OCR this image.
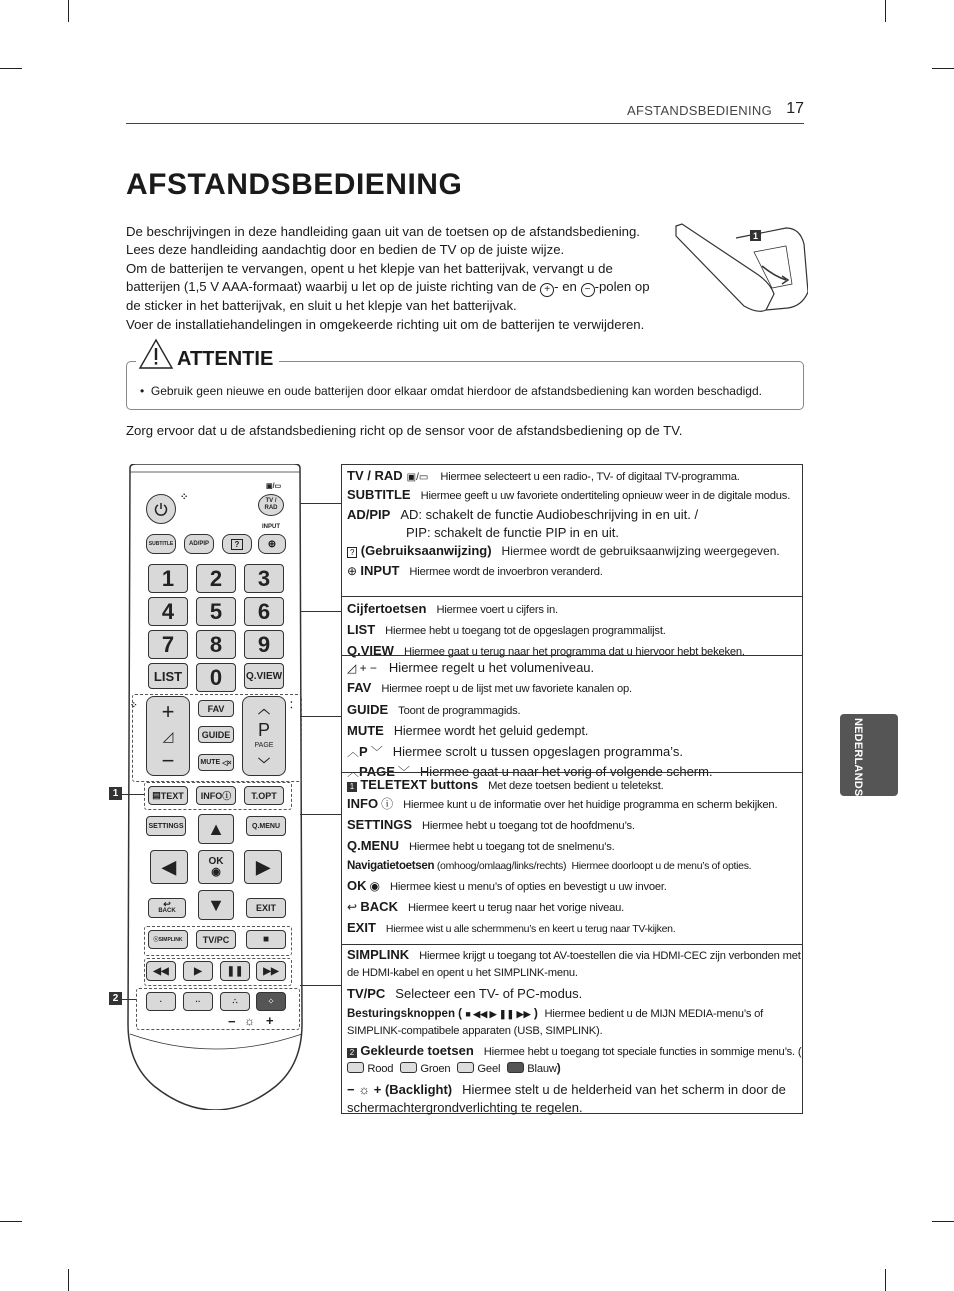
AFSTANDSBEDIENING 17
AFSTANDSBEDIENING

De beschrijvingen in deze handleiding gaan uit van de toetsen op de afstandsbediening.

Lees deze handleiding aandachtig door en bedien de TV op de juiste wijze.

Om de batterijen te vervangen, opent u het klepje van het batterijvak, vervangt u de

batterijen (1,5 V AAA-formaat) waarbij u let op de juiste richting van de + - en − -polen op

de sticker in het batterijvak, en sluit u het klepje van het batterijvak.

Voer de installatiehandelingen in omgekeerde richting uit om de batterijen te verwijderen.

1
ATTENTIE
• Gebruik geen nieuwe en oude batterijen door elkaar omdat hierdoor de afstandsbediening kan worden beschadigd.
Zorg ervoor dat u de afstandsbediening richt op de sensor voor de afstandsbediening op de TV.
NEDERLANDS
⁘	TV / RAD
▣/▭
INPUT
SUBTITLE	AD/PIP	?	⊕
1	2	3
4	5	6
7	8	9
LIST	0	Q.VIEW
⁘	⁚
+
◿
−
FAV
GUIDE
MUTE
◁×
︿
P
PAGE
﹀
▤ TEXT INFO ⓘ	T.OPT
SETTINGS	Q.MENU
▲
◀	OK
◉ ▶
▼
↩
BACK	EXIT
ⓢ SIMPLINK	TV/PC	■
◀◀	▶ ❚❚ ▶▶
·	··	∴	⁘
− ☼ +
1
2
TV / RAD ▣/▭ Hiermee selecteert u een radio-, TV- of digitaal TV-programma.
SUBTITLE Hiermee geeft u uw favoriete ondertiteling opnieuw weer in de digitale modus.
AD/PIP AD: schakelt de functie Audiobeschrijving in en uit. /
PIP: schakelt de functie PIP in en uit.
? (Gebruiksaanwijzing) Hiermee wordt de gebruiksaanwijzing weergegeven.
⊕ INPUT Hiermee wordt de invoerbron veranderd.
Cijfertoetsen Hiermee voert u cijfers in.
LIST Hiermee hebt u toegang tot de opgeslagen programmalijst.
Q.VIEW Hiermee gaat u terug naar het programma dat u hiervoor hebt bekeken.
◿ + − Hiermee regelt u het volumeniveau.
FAV Hiermee roept u de lijst met uw favoriete kanalen op.
GUIDE Toont de programmagids.
MUTE Hiermee wordt het geluid gedempt.
︿P ﹀ Hiermee scrolt u tussen opgeslagen programma’s.
︿PAGE ﹀ Hiermee gaat u naar het vorig of volgende scherm.
1 TELETEXT buttons Met deze toetsen bedient u teletekst.
INFO ⓘ Hiermee kunt u de informatie over het huidige programma en scherm bekijken.
SETTINGS Hiermee hebt u toegang tot de hoofdmenu’s.
Q.MENU Hiermee hebt u toegang tot de snelmenu’s.
Navigatietoetsen (omhoog/omlaag/links/rechts) Hiermee doorloopt u de menu’s of opties.
OK ◉ Hiermee kiest u menu’s of opties en bevestigt u uw invoer.
↩ BACK Hiermee keert u terug naar het vorige niveau.
EXIT Hiermee wist u alle schermmenu’s en keert u terug naar TV-kijken.
SIMPLINK Hiermee krijgt u toegang tot AV-toestellen die via HDMI-CEC zijn verbonden met de HDMI-kabel en opent u het SIMPLINK-menu.
TV/PC Selecteer een TV- of PC-modus.
Besturingsknoppen ( ■ ◀◀ ▶ ❚❚ ▶▶ ) Hiermee bedient u de MIJN MEDIA-menu’s of SIMPLINK-compatibele apparaten (USB, SIMPLINK).
2 Gekleurde toetsen Hiermee hebt u toegang tot speciale functies in sommige menu’s. ( Rood Groen Geel Blauw)
− ☼ + (Backlight) Hiermee stelt u de helderheid van het scherm in door de schermachtergrondverlichting te regelen.
